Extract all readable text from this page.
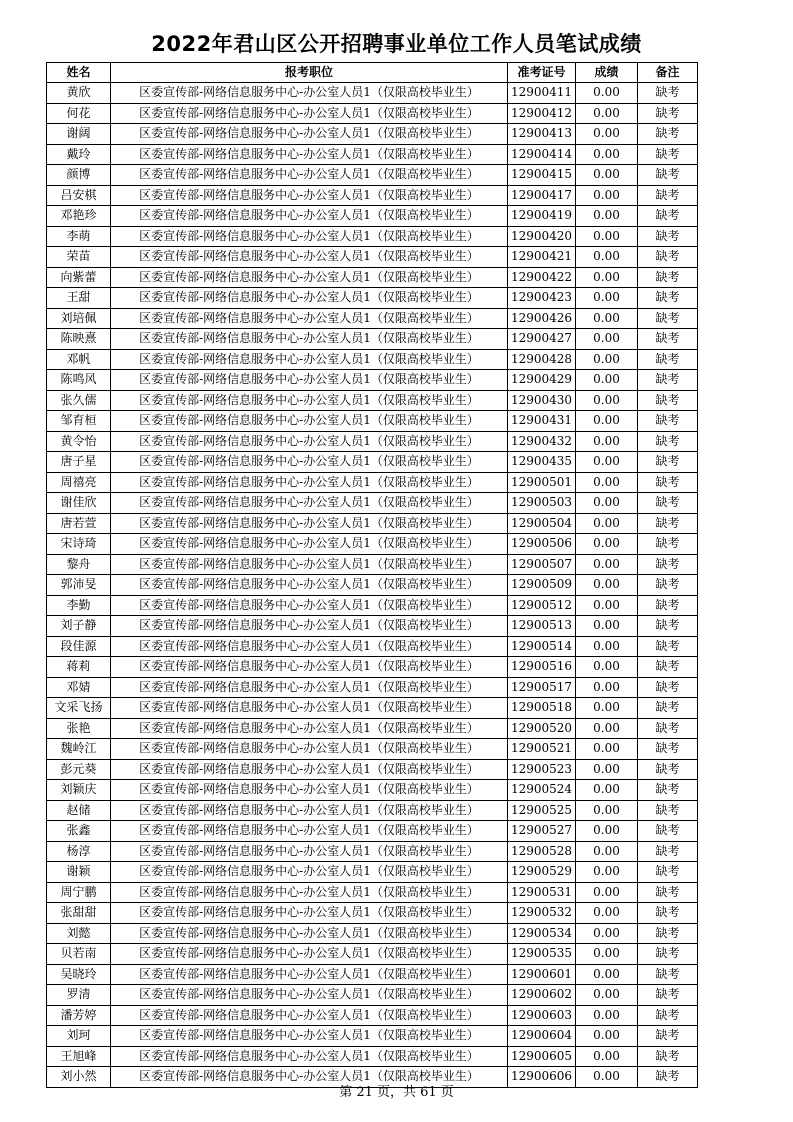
2022年君山区公开招聘事业单位工作人员笔试成绩
姓名	报考职位	准考证号	成绩	备注
黄欣	区委宣传部-网络信息服务中心-办公室人员1（仅限高校毕业生）	12900411	0.00	缺考
何花	区委宣传部-网络信息服务中心-办公室人员1（仅限高校毕业生）	12900412	0.00	缺考
谢阔	区委宣传部-网络信息服务中心-办公室人员1（仅限高校毕业生）	12900413	0.00	缺考
戴玲	区委宣传部-网络信息服务中心-办公室人员1（仅限高校毕业生）	12900414	0.00	缺考
颜博	区委宣传部-网络信息服务中心-办公室人员1（仅限高校毕业生）	12900415	0.00	缺考
吕安棋	区委宣传部-网络信息服务中心-办公室人员1（仅限高校毕业生）	12900417	0.00	缺考
邓艳珍	区委宣传部-网络信息服务中心-办公室人员1（仅限高校毕业生）	12900419	0.00	缺考
李萌	区委宣传部-网络信息服务中心-办公室人员1（仅限高校毕业生）	12900420	0.00	缺考
荣苗	区委宣传部-网络信息服务中心-办公室人员1（仅限高校毕业生）	12900421	0.00	缺考
向紫蕾	区委宣传部-网络信息服务中心-办公室人员1（仅限高校毕业生）	12900422	0.00	缺考
王甜	区委宣传部-网络信息服务中心-办公室人员1（仅限高校毕业生）	12900423	0.00	缺考
刘培佩	区委宣传部-网络信息服务中心-办公室人员1（仅限高校毕业生）	12900426	0.00	缺考
陈映熹	区委宣传部-网络信息服务中心-办公室人员1（仅限高校毕业生）	12900427	0.00	缺考
邓帆	区委宣传部-网络信息服务中心-办公室人员1（仅限高校毕业生）	12900428	0.00	缺考
陈鸣风	区委宣传部-网络信息服务中心-办公室人员1（仅限高校毕业生）	12900429	0.00	缺考
张久儒	区委宣传部-网络信息服务中心-办公室人员1（仅限高校毕业生）	12900430	0.00	缺考
邹育桓	区委宣传部-网络信息服务中心-办公室人员1（仅限高校毕业生）	12900431	0.00	缺考
黄令怡	区委宣传部-网络信息服务中心-办公室人员1（仅限高校毕业生）	12900432	0.00	缺考
唐子星	区委宣传部-网络信息服务中心-办公室人员1（仅限高校毕业生）	12900435	0.00	缺考
周禧亮	区委宣传部-网络信息服务中心-办公室人员1（仅限高校毕业生）	12900501	0.00	缺考
谢佳欣	区委宣传部-网络信息服务中心-办公室人员1（仅限高校毕业生）	12900503	0.00	缺考
唐若萱	区委宣传部-网络信息服务中心-办公室人员1（仅限高校毕业生）	12900504	0.00	缺考
宋诗琦	区委宣传部-网络信息服务中心-办公室人员1（仅限高校毕业生）	12900506	0.00	缺考
黎舟	区委宣传部-网络信息服务中心-办公室人员1（仅限高校毕业生）	12900507	0.00	缺考
郭沛旻	区委宣传部-网络信息服务中心-办公室人员1（仅限高校毕业生）	12900509	0.00	缺考
李勤	区委宣传部-网络信息服务中心-办公室人员1（仅限高校毕业生）	12900512	0.00	缺考
刘子静	区委宣传部-网络信息服务中心-办公室人员1（仅限高校毕业生）	12900513	0.00	缺考
段佳源	区委宣传部-网络信息服务中心-办公室人员1（仅限高校毕业生）	12900514	0.00	缺考
蒋莉	区委宣传部-网络信息服务中心-办公室人员1（仅限高校毕业生）	12900516	0.00	缺考
邓婧	区委宣传部-网络信息服务中心-办公室人员1（仅限高校毕业生）	12900517	0.00	缺考
文采飞扬	区委宣传部-网络信息服务中心-办公室人员1（仅限高校毕业生）	12900518	0.00	缺考
张艳	区委宣传部-网络信息服务中心-办公室人员1（仅限高校毕业生）	12900520	0.00	缺考
魏岭江	区委宣传部-网络信息服务中心-办公室人员1（仅限高校毕业生）	12900521	0.00	缺考
彭元葵	区委宣传部-网络信息服务中心-办公室人员1（仅限高校毕业生）	12900523	0.00	缺考
刘颖庆	区委宣传部-网络信息服务中心-办公室人员1（仅限高校毕业生）	12900524	0.00	缺考
赵储	区委宣传部-网络信息服务中心-办公室人员1（仅限高校毕业生）	12900525	0.00	缺考
张鑫	区委宣传部-网络信息服务中心-办公室人员1（仅限高校毕业生）	12900527	0.00	缺考
杨淳	区委宣传部-网络信息服务中心-办公室人员1（仅限高校毕业生）	12900528	0.00	缺考
谢颖	区委宣传部-网络信息服务中心-办公室人员1（仅限高校毕业生）	12900529	0.00	缺考
周宁鹏	区委宣传部-网络信息服务中心-办公室人员1（仅限高校毕业生）	12900531	0.00	缺考
张甜甜	区委宣传部-网络信息服务中心-办公室人员1（仅限高校毕业生）	12900532	0.00	缺考
刘懿	区委宣传部-网络信息服务中心-办公室人员1（仅限高校毕业生）	12900534	0.00	缺考
贝若南	区委宣传部-网络信息服务中心-办公室人员1（仅限高校毕业生）	12900535	0.00	缺考
吴晓玲	区委宣传部-网络信息服务中心-办公室人员1（仅限高校毕业生）	12900601	0.00	缺考
罗清	区委宣传部-网络信息服务中心-办公室人员1（仅限高校毕业生）	12900602	0.00	缺考
潘芳婷	区委宣传部-网络信息服务中心-办公室人员1（仅限高校毕业生）	12900603	0.00	缺考
刘珂	区委宣传部-网络信息服务中心-办公室人员1（仅限高校毕业生）	12900604	0.00	缺考
王旭峰	区委宣传部-网络信息服务中心-办公室人员1（仅限高校毕业生）	12900605	0.00	缺考
刘小然	区委宣传部-网络信息服务中心-办公室人员1（仅限高校毕业生）	12900606	0.00	缺考
第 21 页，共 61 页
